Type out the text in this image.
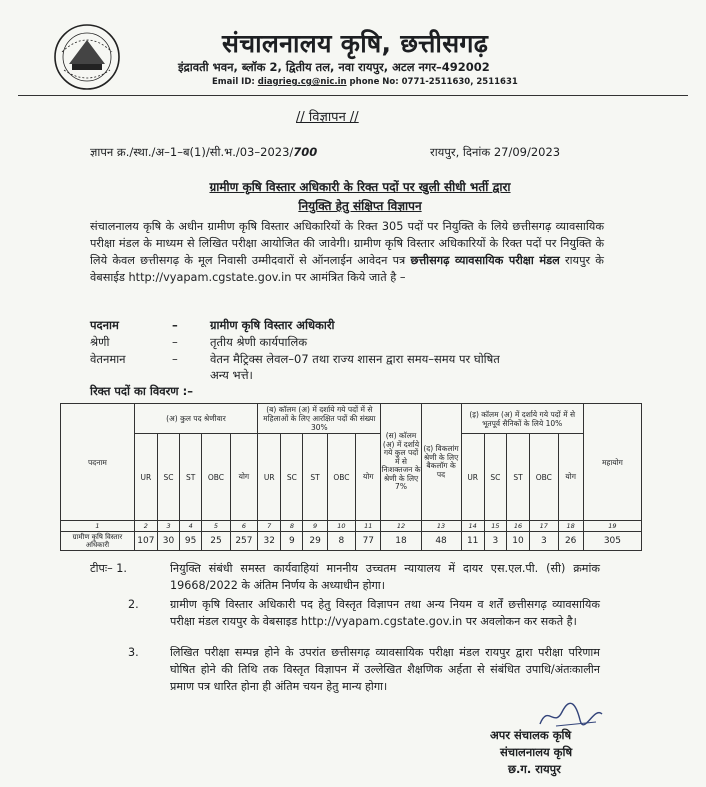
संचालनालय कृषि, छत्तीसगढ़
इंद्रावती भवन, ब्लॉक 2, द्वितीय तल, नवा रायपुर, अटल नगर–492002
Email ID: diagrieg.cg@nic.in phone No: 0771-2511630, 2511631
// विज्ञापन //
ज्ञापन क्र./स्था./अ–1–ब(1)/सी.भ./03–2023/700	रायपुर, दिनांक 27/09/2023
ग्रामीण कृषि विस्तार अधिकारी के रिक्त पदों पर खुली सीधी भर्ती द्वारा
नियुक्ति हेतु संक्षिप्त विज्ञापन
संचालनालय कृषि के अधीन ग्रामीण कृषि विस्तार अधिकारियों के रिक्त 305 पदों पर नियुक्ति के लिये छत्तीसगढ़ व्यावसायिक परीक्षा मंडल के माध्यम से लिखित परीक्षा आयोजित की जावेगी। ग्रामीण कृषि विस्तार अधिकारियों के रिक्त पदों पर नियुक्ति के लिये केवल छत्तीसगढ़ के मूल निवासी उम्मीदवारों से ऑनलाईन आवेदन पत्र छत्तीसगढ़ व्यावसायिक परीक्षा मंडल रायपुर के वेबसाईड http://vyapam.cgstate.gov.in पर आमंत्रित किये जाते है –
पदनाम	–	ग्रामीण कृषि विस्तार अधिकारी
श्रेणी	–	तृतीय श्रेणी कार्यपालिक
वेतनमान	–	वेतन मैट्रिक्स लेवल–07 तथा राज्य शासन द्वारा समय–समय पर घोषित
अन्य भत्ते।
रिक्त पदों का विवरण :–
पदनाम	(अ) कुल पद श्रेणीवार					(ब) कॉलम (अ) में दर्शाये गये पदों में से महिलाओं के लिए आरक्षित पदों की संख्या 30%					(स) कॉलम (अ) में दर्शाये गये कुल पदों में से निःशक्तजन के श्रेणी के लिए 7%	(द) विकलांग श्रेणी के लिए बैकलॉग के पद	(इ) कॉलम (अ) में दर्शाये गये पदों में से भूतपूर्व सैनिकों के लिये 10%					महायोग
	UR	SC	ST	OBC	योग	UR	SC	ST	OBC	योग			UR	SC	ST	OBC	योग	
1	2	3	4	5	6	7	8	9	10	11	12	13	14	15	16	17	18	19
ग्रामीण कृषि विस्तार अधिकारी	107	30	95	25	257	32	9	29	8	77	18	48	11	3	10	3	26	305
टीपः– 1.	नियुक्ति संबंधी समस्त कार्यवाहियां माननीय उच्चतम न्यायालय में दायर एस.एल.पी. (सी) क्रमांक 19668/2022 के अंतिम निर्णय के अध्याधीन होगा।
2.	ग्रामीण कृषि विस्तार अधिकारी पद हेतु विस्तृत विज्ञापन तथा अन्य नियम व शर्तें छत्तीसगढ़ व्यावसायिक परीक्षा मंडल रायपुर के वेबसाइड http://vyapam.cgstate.gov.in पर अवलोकन कर सकते है।
3.	लिखित परीक्षा सम्पन्न होने के उपरांत छत्तीसगढ़ व्यावसायिक परीक्षा मंडल रायपुर द्वारा परीक्षा परिणाम घोषित होने की तिथि तक विस्तृत विज्ञापन में उल्लेखित शैक्षणिक अर्हता से संबंधित उपाधि/अंतःकालीन प्रमाण पत्र धारित होना ही अंतिम चयन हेतु मान्य होगा।
अपर संचालक कृषि
संचालनालय कृषि
छ.ग. रायपुर
